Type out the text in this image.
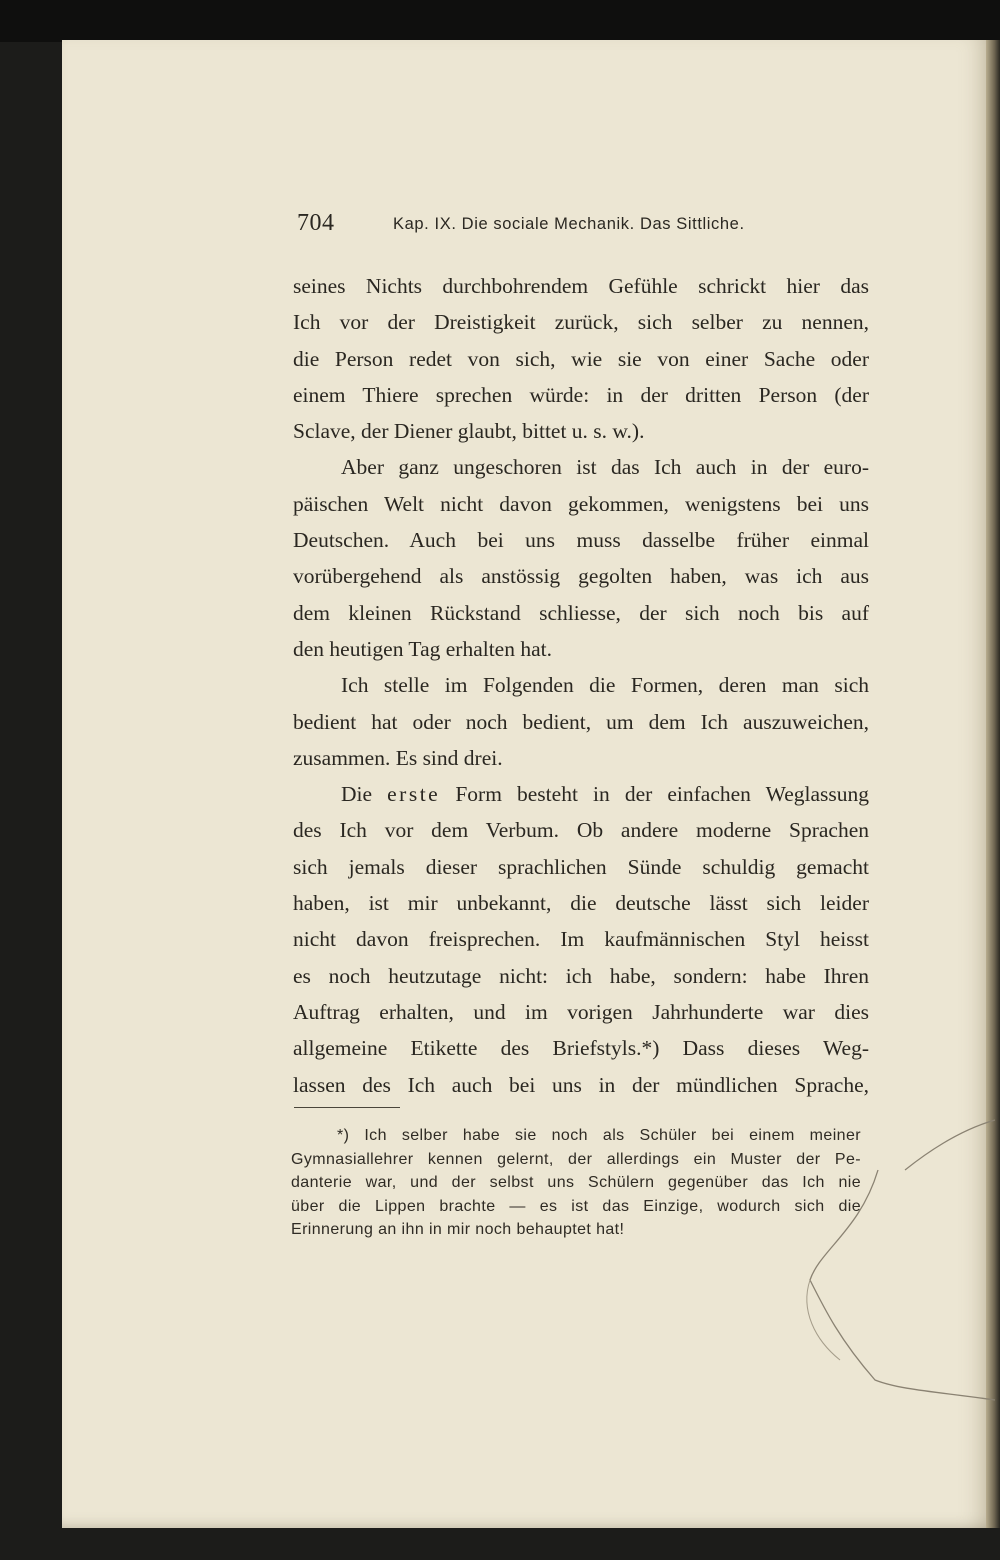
704	Kap. IX. Die sociale Mechanik. Das Sittliche.
seines Nichts durchbohrendem Gefühle schrickt hier das
Ich vor der Dreistigkeit zurück, sich selber zu nennen,
die Person redet von sich, wie sie von einer Sache oder
einem Thiere sprechen würde: in der dritten Person (der
Sclave, der Diener glaubt, bittet u. s. w.).
Aber ganz ungeschoren ist das Ich auch in der euro-
päischen Welt nicht davon gekommen, wenigstens bei uns
Deutschen. Auch bei uns muss dasselbe früher einmal
vorübergehend als anstössig gegolten haben, was ich aus
dem kleinen Rückstand schliesse, der sich noch bis auf
den heutigen Tag erhalten hat.
Ich stelle im Folgenden die Formen, deren man sich
bedient hat oder noch bedient, um dem Ich auszuweichen,
zusammen. Es sind drei.
Die erste Form besteht in der einfachen Weglassung
des Ich vor dem Verbum. Ob andere moderne Sprachen
sich jemals dieser sprachlichen Sünde schuldig gemacht
haben, ist mir unbekannt, die deutsche lässt sich leider
nicht davon freisprechen. Im kaufmännischen Styl heisst
es noch heutzutage nicht: ich habe, sondern: habe Ihren
Auftrag erhalten, und im vorigen Jahrhunderte war dies
allgemeine Etikette des Briefstyls.*) Dass dieses Weg-
lassen des Ich auch bei uns in der mündlichen Sprache,
*) Ich selber habe sie noch als Schüler bei einem meiner
Gymnasiallehrer kennen gelernt, der allerdings ein Muster der Pe-
danterie war, und der selbst uns Schülern gegenüber das Ich nie
über die Lippen brachte — es ist das Einzige, wodurch sich die
Erinnerung an ihn in mir noch behauptet hat!
